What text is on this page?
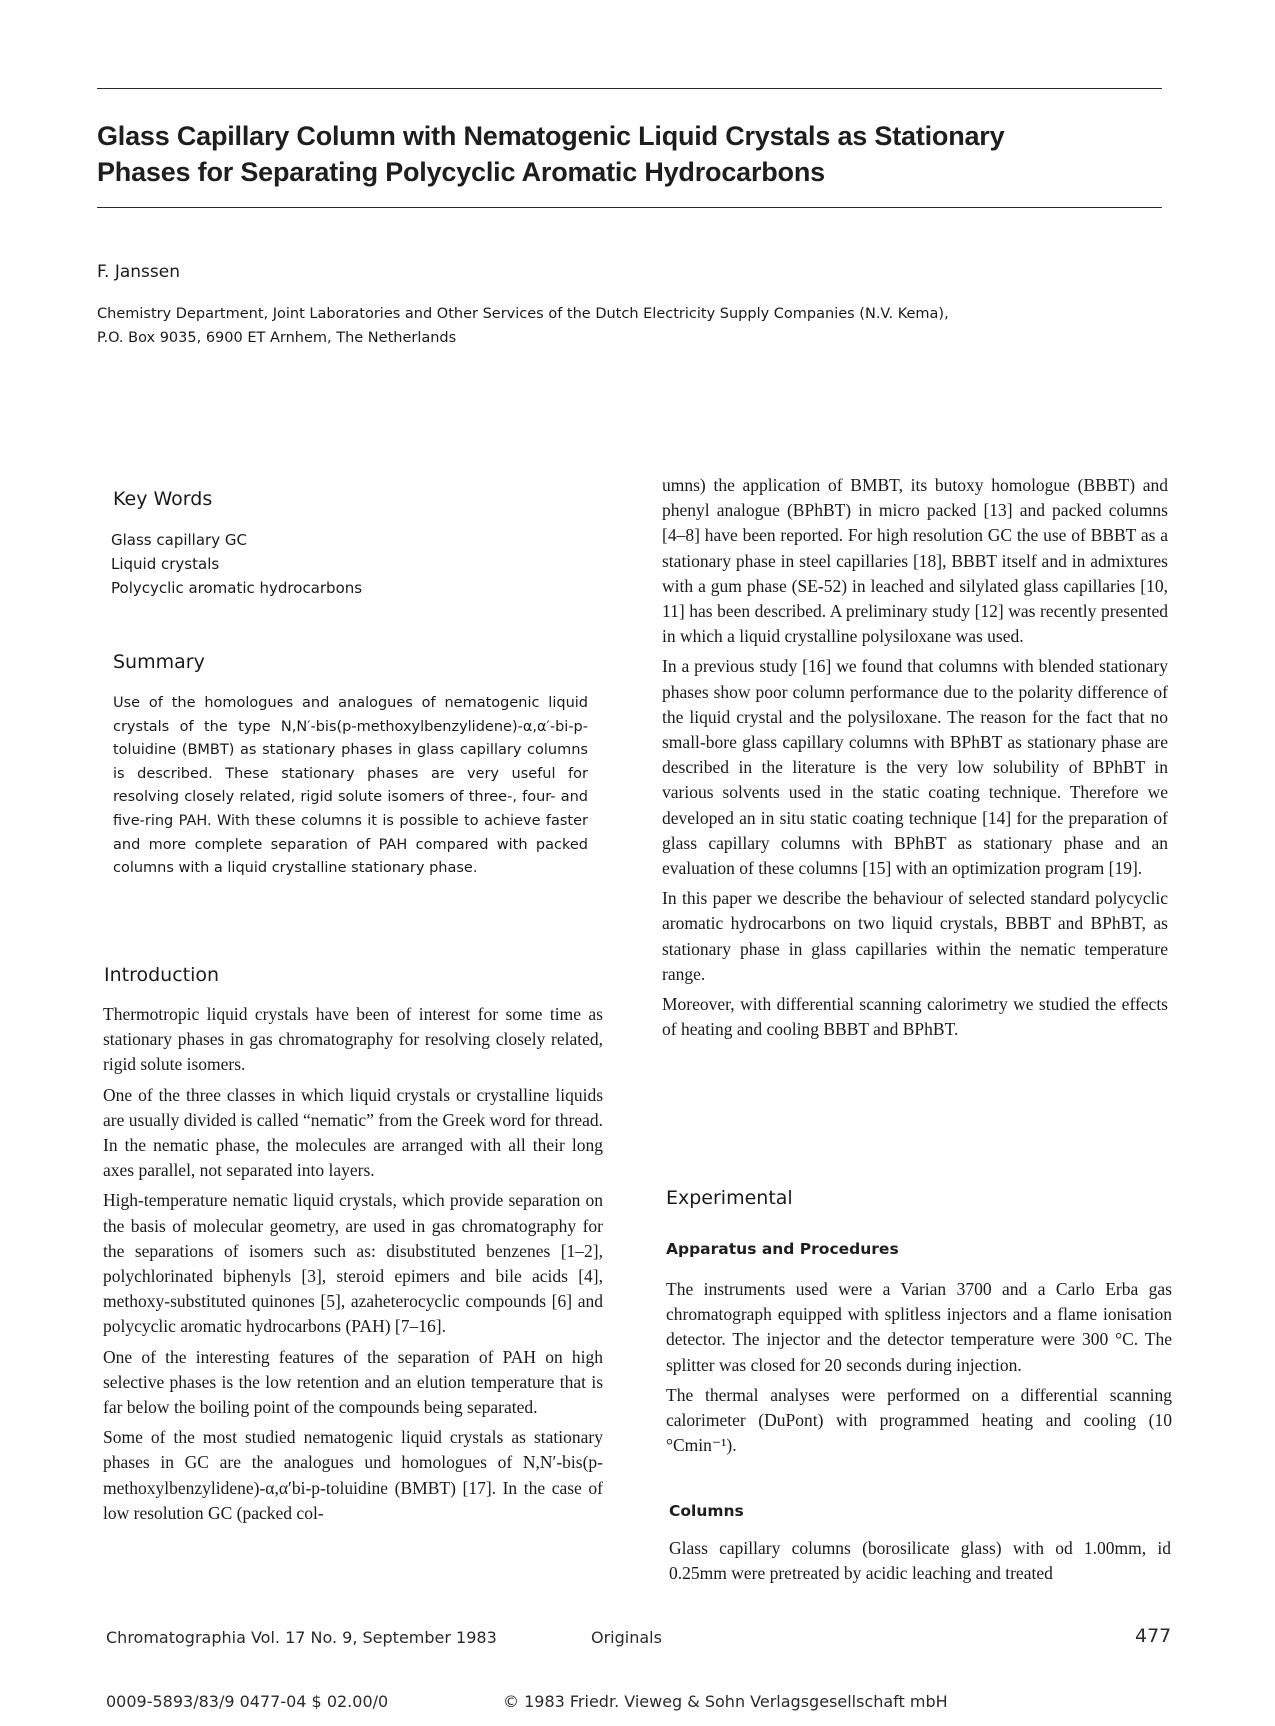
Glass Capillary Column with Nematogenic Liquid Crystals as Stationary
Phases for Separating Polycyclic Aromatic Hydrocarbons
F. Janssen
Chemistry Department, Joint Laboratories and Other Services of the Dutch Electricity Supply Companies (N.V. Kema),
P.O. Box 9035, 6900 ET Arnhem, The Netherlands
Key Words
Glass capillary GC
Liquid crystals
Polycyclic aromatic hydrocarbons
Summary
Use of the homologues and analogues of nematogenic liquid crystals of the type N,N′-bis(p-methoxylbenzylidene)-α,α′-bi-p-toluidine (BMBT) as stationary phases in glass capillary columns is described. These stationary phases are very useful for resolving closely related, rigid solute isomers of three-, four- and five-ring PAH. With these columns it is possible to achieve faster and more complete separation of PAH compared with packed columns with a liquid crystalline stationary phase.
Introduction

Thermotropic liquid crystals have been of interest for some time as stationary phases in gas chromatography for resolving closely related, rigid solute isomers.

One of the three classes in which liquid crystals or crystalline liquids are usually divided is called “nematic” from the Greek word for thread. In the nematic phase, the molecules are arranged with all their long axes parallel, not separated into layers.

High-temperature nematic liquid crystals, which provide separation on the basis of molecular geometry, are used in gas chromatography for the separations of isomers such as: disubstituted benzenes [1–2], polychlorinated biphenyls [3], steroid epimers and bile acids [4], methoxy-substituted quinones [5], azaheterocyclic compounds [6] and polycyclic aromatic hydrocarbons (PAH) [7–16].

One of the interesting features of the separation of PAH on high selective phases is the low retention and an elution temperature that is far below the boiling point of the compounds being separated.

Some of the most studied nematogenic liquid crystals as stationary phases in GC are the analogues und homologues of N,N′-bis(p-methoxylbenzylidene)-α,α′bi-p-toluidine (BMBT) [17]. In the case of low resolution GC (packed col-

umns) the application of BMBT, its butoxy homologue (BBBT) and phenyl analogue (BPhBT) in micro packed [13] and packed columns [4–8] have been reported. For high resolution GC the use of BBBT as a stationary phase in steel capillaries [18], BBBT itself and in admixtures with a gum phase (SE-52) in leached and silylated glass capillaries [10, 11] has been described. A preliminary study [12] was recently presented in which a liquid crystalline polysiloxane was used.

In a previous study [16] we found that columns with blended stationary phases show poor column performance due to the polarity difference of the liquid crystal and the polysiloxane. The reason for the fact that no small-bore glass capillary columns with BPhBT as stationary phase are described in the literature is the very low solubility of BPhBT in various solvents used in the static coating technique. Therefore we developed an in situ static coating technique [14] for the preparation of glass capillary columns with BPhBT as stationary phase and an evaluation of these columns [15] with an optimization program [19].

In this paper we describe the behaviour of selected standard polycyclic aromatic hydrocarbons on two liquid crystals, BBBT and BPhBT, as stationary phase in glass capillaries within the nematic temperature range.

Moreover, with differential scanning calorimetry we studied the effects of heating and cooling BBBT and BPhBT.

Experimental
Apparatus and Procedures

The instruments used were a Varian 3700 and a Carlo Erba gas chromatograph equipped with splitless injectors and a flame ionisation detector. The injector and the detector temperature were 300 °C. The splitter was closed for 20 seconds during injection.

The thermal analyses were performed on a differential scanning calorimeter (DuPont) with programmed heating and cooling (10 °Cmin⁻¹).

Columns
Glass capillary columns (borosilicate glass) with od 1.00mm, id 0.25mm were pretreated by acidic leaching and treated
Chromatographia Vol. 17 No. 9, September 1983	Originals	477
0009-5893/83/9 0477-04 $ 02.00/0	© 1983 Friedr. Vieweg & Sohn Verlagsgesellschaft mbH
